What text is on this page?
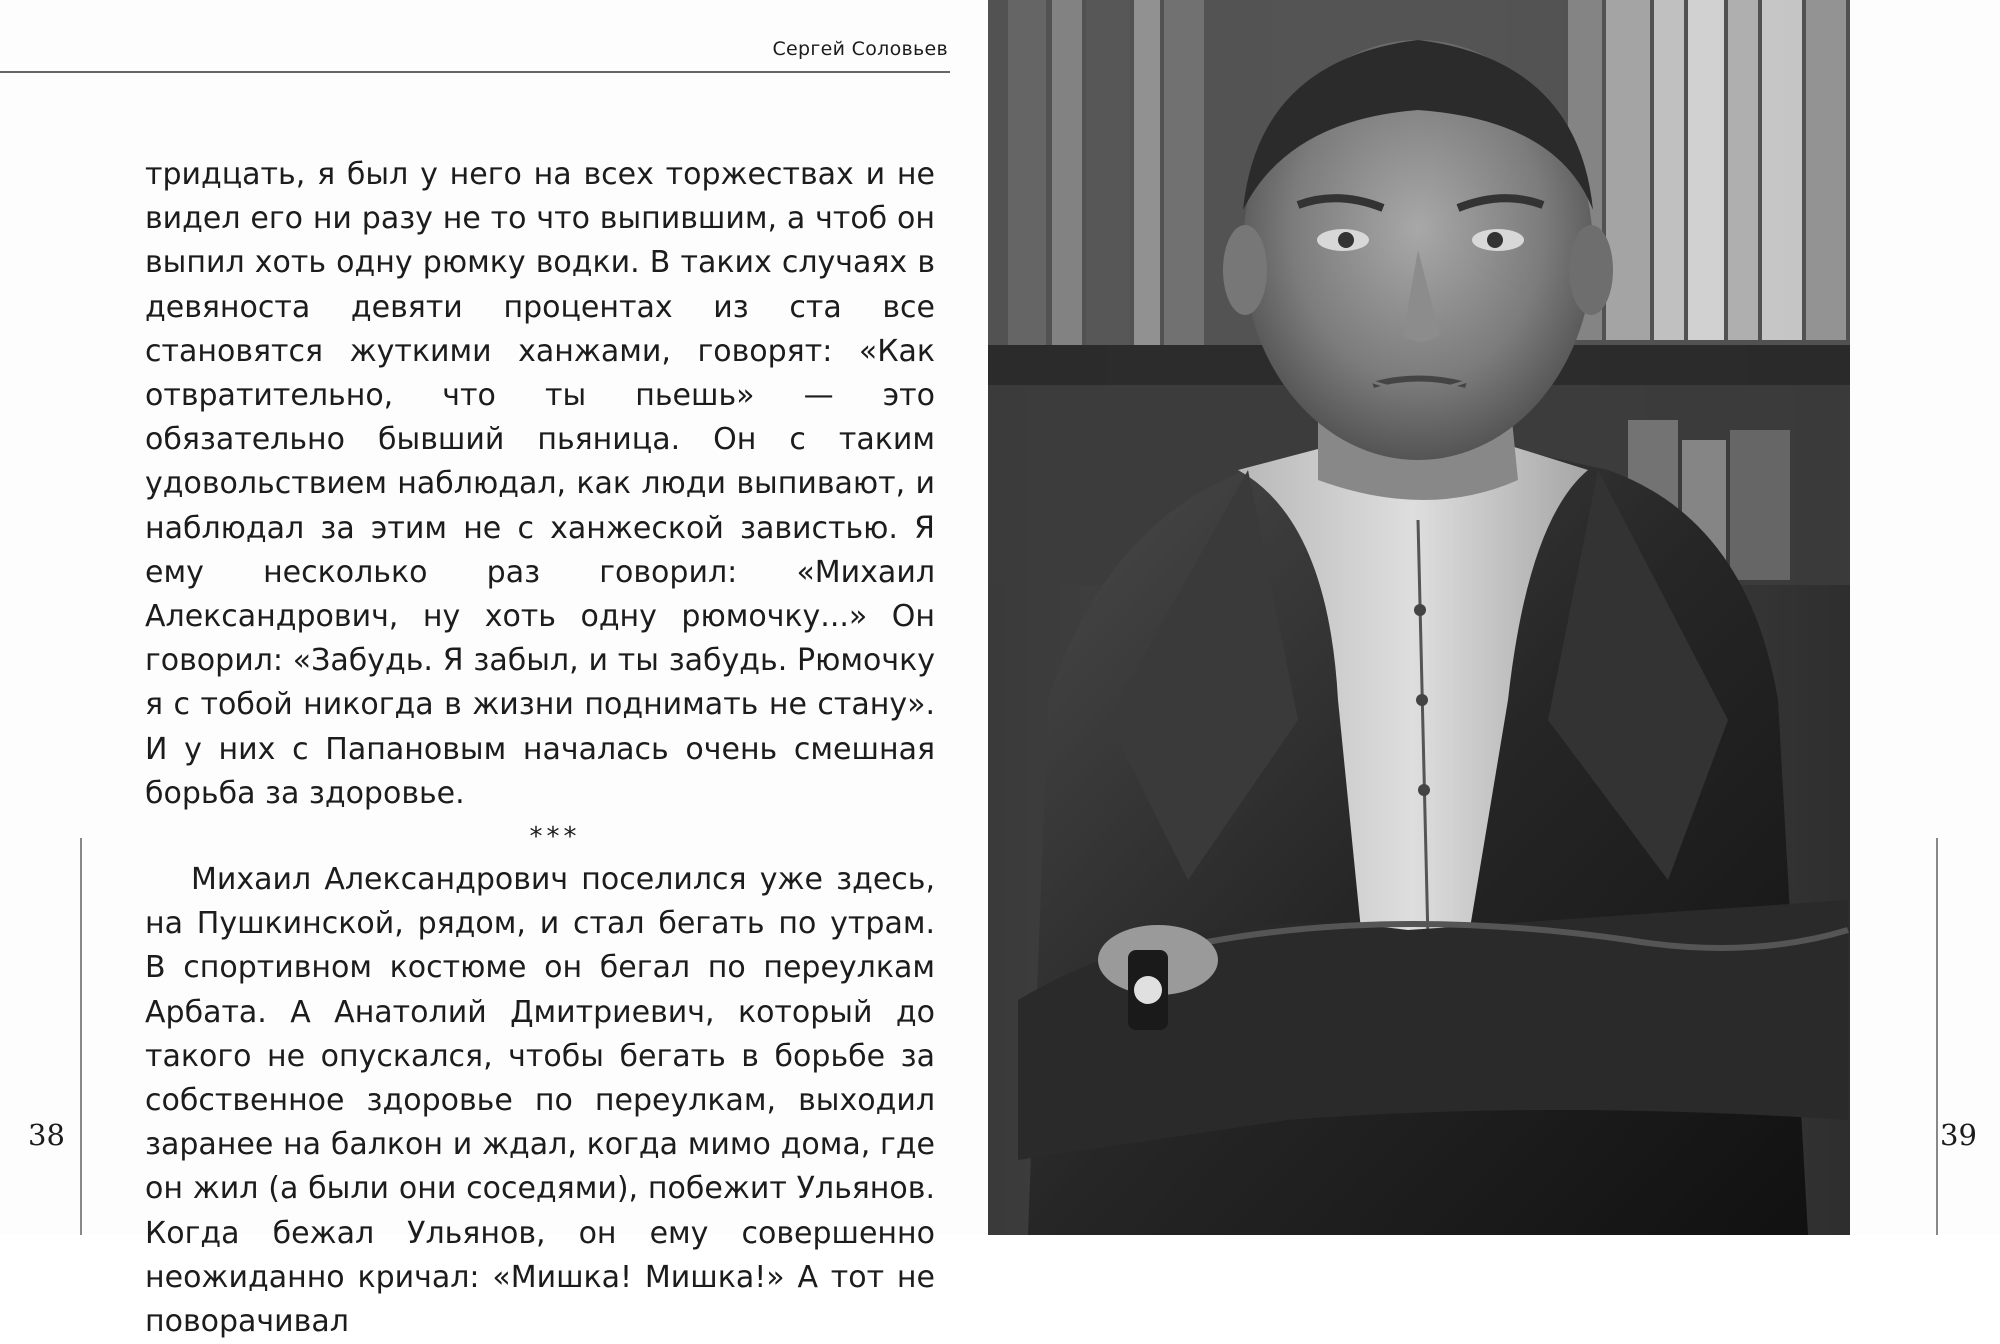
Сергей Соловьев

тридцать, я был у него на всех торжествах и не видел его ни разу не то что выпившим, а чтоб он выпил хоть одну рюмку водки. В таких случаях в девяноста девяти процентах из ста все становятся жуткими ханжами, говорят: «Как отвратительно, что ты пьешь» — это обязательно бывший пьяница. Он с таким удовольствием наблюдал, как люди выпивают, и наблюдал за этим не с ханжеской завистью. Я ему несколько раз говорил: «Михаил Александрович, ну хоть одну рюмочку...» Он говорил: «Забудь. Я забыл, и ты забудь. Рюмочку я с тобой никогда в жизни поднимать не стану». И у них с Папановым началась очень смешная борьба за здоровье.

***

Михаил Александрович поселился уже здесь, на Пушкинской, рядом, и стал бегать по утрам. В спортивном костюме он бегал по переулкам Арбата. А Анатолий Дмитриевич, который до такого не опускался, чтобы бегать в борьбе за собственное здоровье по переулкам, выходил заранее на балкон и ждал, когда мимо дома, где он жил (а были они соседями), побежит Ульянов. Когда бежал Ульянов, он ему совершенно неожиданно кричал: «Мишка! Мишка!» А тот не поворачивал

38	39
